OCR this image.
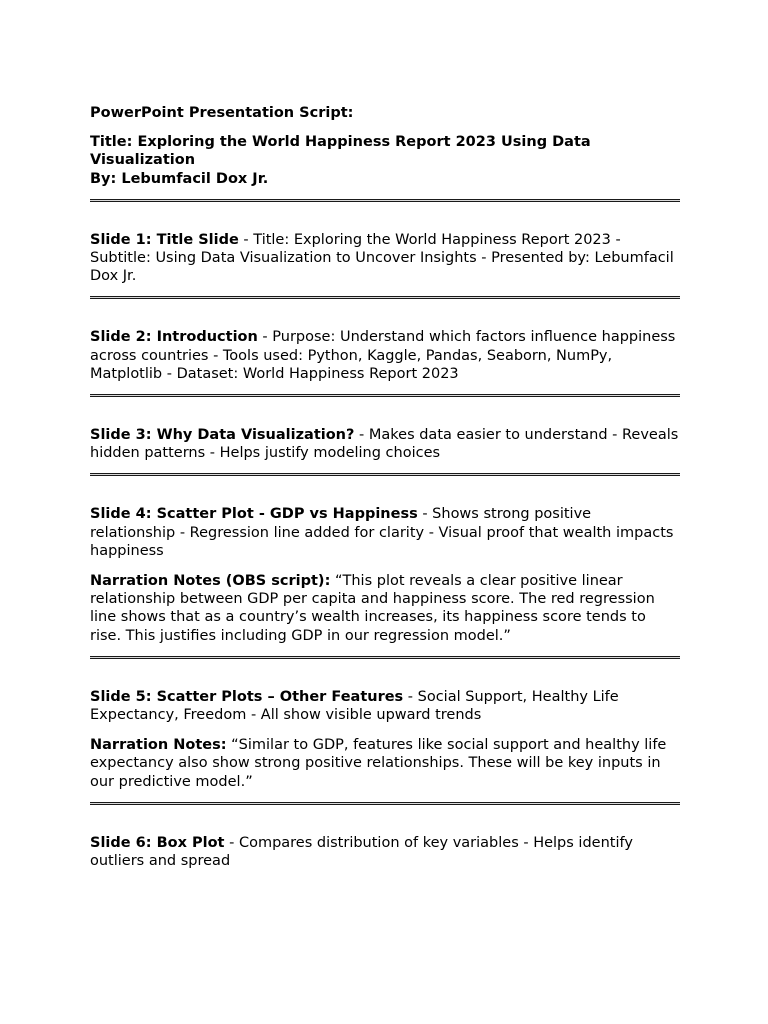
PowerPoint Presentation Script:

Title: Exploring the World Happiness Report 2023 Using Data Visualization

By: Lebumfacil Dox Jr.

Slide 1: Title Slide - Title: Exploring the World Happiness Report 2023 - Subtitle: Using Data Visualization to Uncover Insights - Presented by: Lebumfacil Dox Jr.

Slide 2: Introduction - Purpose: Understand which factors influence happiness across countries - Tools used: Python, Kaggle, Pandas, Seaborn, NumPy, Matplotlib - Dataset: World Happiness Report 2023

Slide 3: Why Data Visualization? - Makes data easier to understand - Reveals hidden patterns - Helps justify modeling choices

Slide 4: Scatter Plot - GDP vs Happiness - Shows strong positive relationship - Regression line added for clarity - Visual proof that wealth impacts happiness

Narration Notes (OBS script): “This plot reveals a clear positive linear relationship between GDP per capita and happiness score. The red regression line shows that as a country’s wealth increases, its happiness score tends to rise. This justifies including GDP in our regression model.”

Slide 5: Scatter Plots – Other Features - Social Support, Healthy Life Expectancy, Freedom - All show visible upward trends

Narration Notes: “Similar to GDP, features like social support and healthy life expectancy also show strong positive relationships. These will be key inputs in our predictive model.”

Slide 6: Box Plot - Compares distribution of key variables - Helps identify outliers and spread
